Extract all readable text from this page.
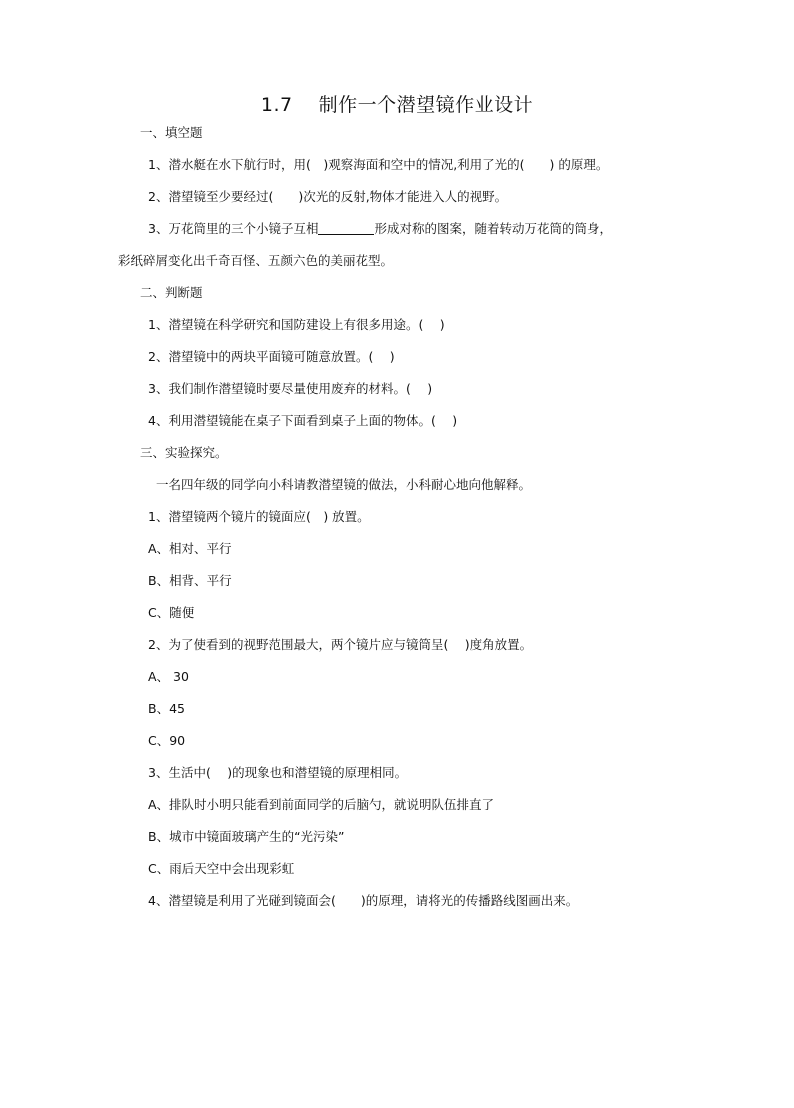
1.7　 制作一个潜望镜作业设计
一、填空题
1、潜水艇在水下航行时，用(　)观察海面和空中的情况,利用了光的(　　) 的原理。
2、潜望镜至少要经过(　　)次光的反射,物体才能进入人的视野。
3、万花筒里的三个小镜子互相	形成对称的图案，随着转动万花筒的筒身，
彩纸碎屑变化出千奇百怪、五颜六色的美丽花型。
二、判断题
1、潜望镜在科学研究和国防建设上有很多用途。(　 )
2、潜望镜中的两块平面镜可随意放置。(　 )
3、我们制作潜望镜时要尽量使用废弃的材料。(　 )
4、利用潜望镜能在桌子下面看到桌子上面的物体。(　 )
三、实验探究。
一名四年级的同学向小科请教潜望镜的做法，小科耐心地向他解释。
1、潜望镜两个镜片的镜面应(　) 放置。
A、相对、平行
B、相背、平行
C、随便
2、为了使看到的视野范围最大，两个镜片应与镜筒呈(　 )度角放置。
A、 30
B、45
C、90
3、生活中(　 )的现象也和潜望镜的原理相同。
A、排队时小明只能看到前面同学的后脑勺，就说明队伍排直了
B、城市中镜面玻璃产生的“光污染”
C、雨后天空中会出现彩虹
4、潜望镜是利用了光碰到镜面会(　　)的原理，请将光的传播路线图画出来。
